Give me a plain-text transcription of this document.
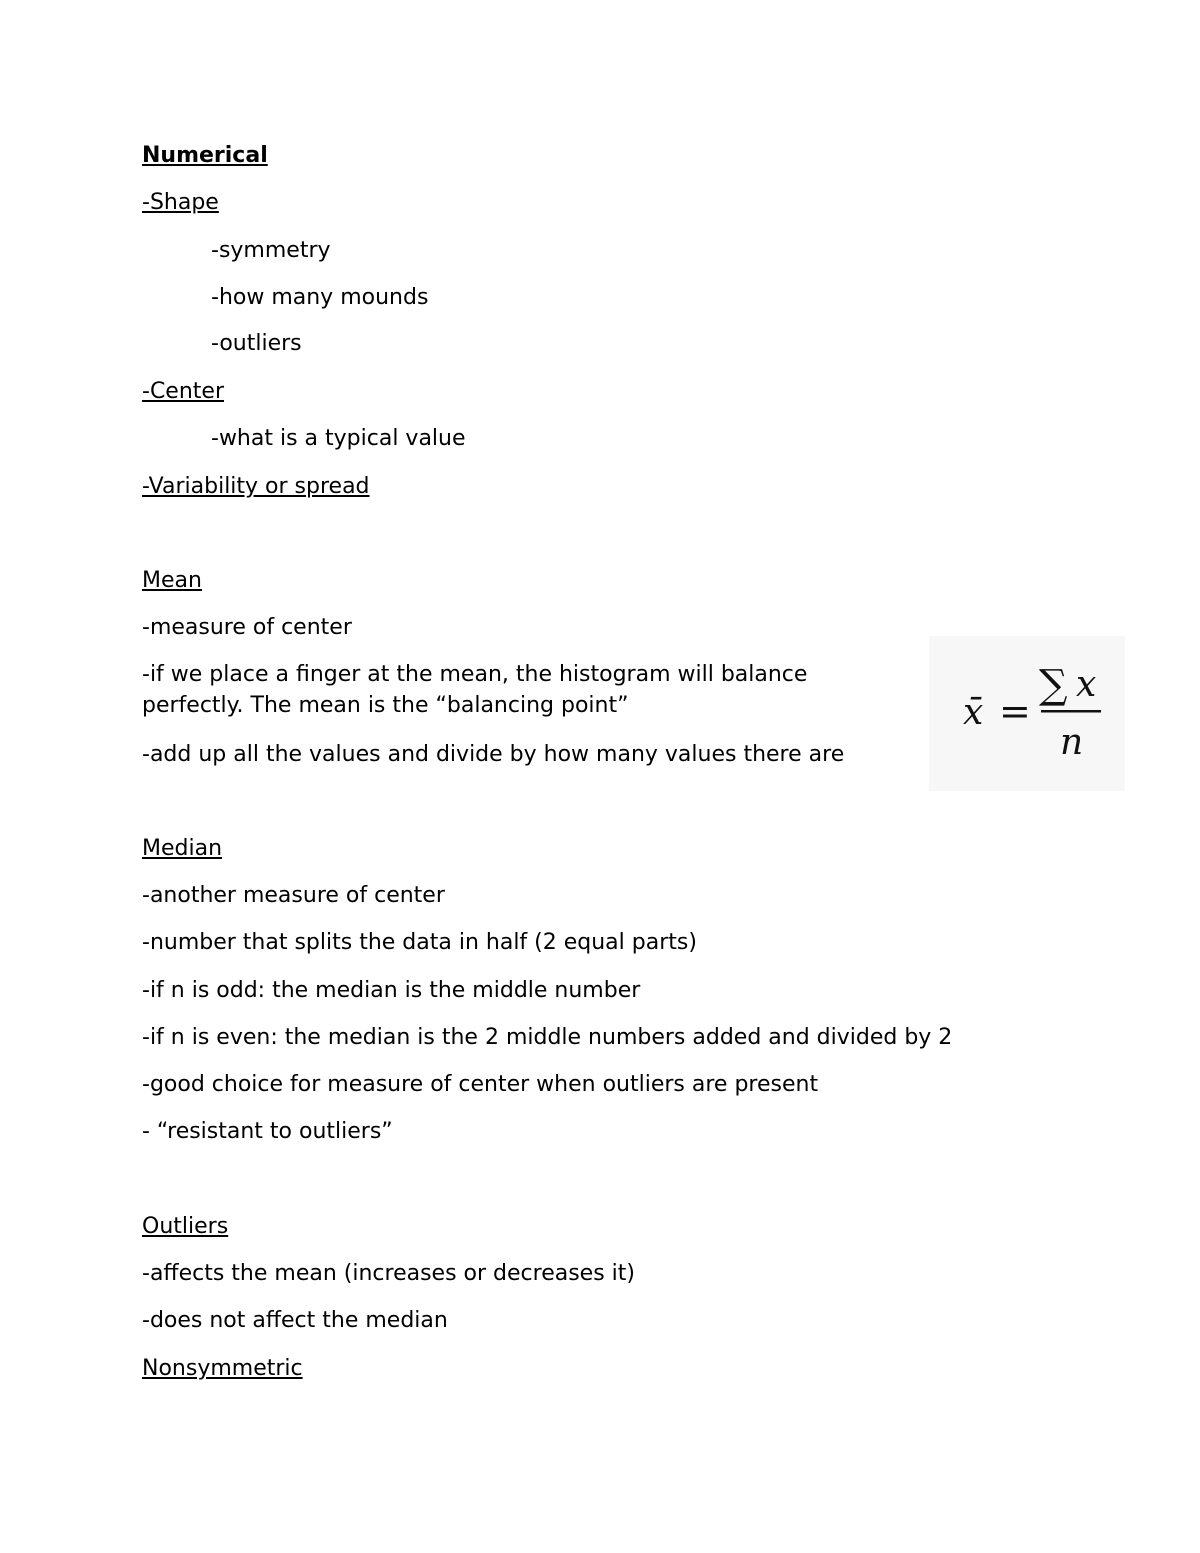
Numerical

-Shape

-symmetry

-how many mounds

-outliers

-Center

-what is a typical value

-Variability or spread

Mean

-measure of center

-if we place a finger at the mean, the histogram will balance perfectly. The mean is the “balancing point”

-add up all the values and divide by how many values there are

x̄ =
∑ x
n

Median

-another measure of center

-number that splits the data in half (2 equal parts)

-if n is odd: the median is the middle number

-if n is even: the median is the 2 middle numbers added and divided by 2

-good choice for measure of center when outliers are present

- “resistant to outliers”

Outliers

-affects the mean (increases or decreases it)

-does not affect the median

Nonsymmetric
